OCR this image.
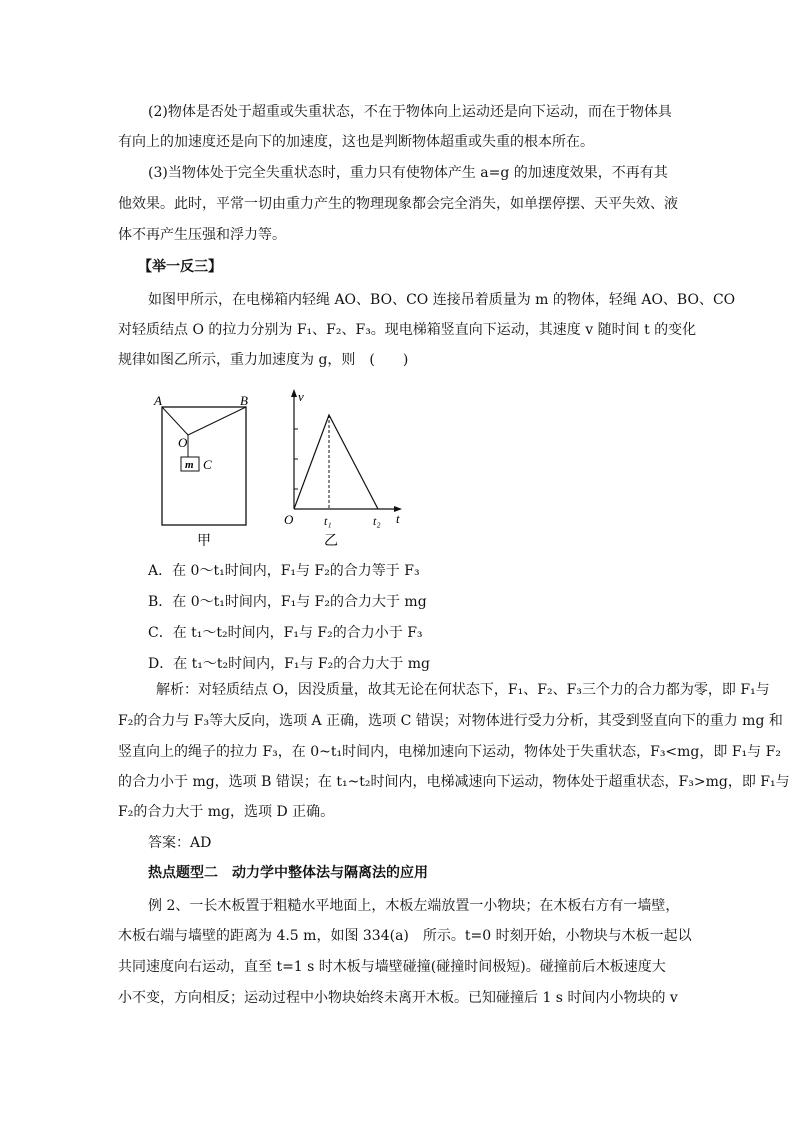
(2)物体是否处于超重或失重状态，不在于物体向上运动还是向下运动，而在于物体具
有向上的加速度还是向下的加速度，这也是判断物体超重或失重的根本所在。
(3)当物体处于完全失重状态时，重力只有使物体产生 a=g 的加速度效果，不再有其
他效果。此时，平常一切由重力产生的物理现象都会完全消失，如单摆停摆、天平失效、液
体不再产生压强和浮力等。
【举一反三】
如图甲所示，在电梯箱内轻绳 AO、BO、CO 连接吊着质量为 m 的物体，轻绳 AO、BO、CO
对轻质结点 O 的拉力分别为 F₁、F₂、F₃。现电梯箱竖直向下运动，其速度 v 随时间 t 的变化
规律如图乙所示，重力加速度为 g，则　(　　)
A	B
O
m C
甲
v
t
O	t₁	t₂
乙
A．在 0～t₁时间内，F₁与 F₂的合力等于 F₃
B．在 0～t₁时间内，F₁与 F₂的合力大于 mg
C．在 t₁～t₂时间内，F₁与 F₂的合力小于 F₃
D．在 t₁～t₂时间内，F₁与 F₂的合力大于 mg
解析：对轻质结点 O，因没质量，故其无论在何状态下，F₁、F₂、F₃三个力的合力都为零，即 F₁与
F₂的合力与 F₃等大反向，选项 A 正确，选项 C 错误；对物体进行受力分析，其受到竖直向下的重力 mg 和
竖直向上的绳子的拉力 F₃，在 0~t₁时间内，电梯加速向下运动，物体处于失重状态，F₃<mg，即 F₁与 F₂
的合力小于 mg，选项 B 错误；在 t₁~t₂时间内，电梯减速向下运动，物体处于超重状态，F₃>mg，即 F₁与
F₂的合力大于 mg，选项 D 正确。
答案：AD
热点题型二　动力学中整体法与隔离法的应用
例 2、一长木板置于粗糙水平地面上，木板左端放置一小物块；在木板右方有一墙壁，
木板右端与墙壁的距离为 4.5 m，如图 334(a)　所示。t=0 时刻开始，小物块与木板一起以
共同速度向右运动，直至 t=1 s 时木板与墙壁碰撞(碰撞时间极短)。碰撞前后木板速度大
小不变，方向相反；运动过程中小物块始终未离开木板。已知碰撞后 1 s 时间内小物块的 v
